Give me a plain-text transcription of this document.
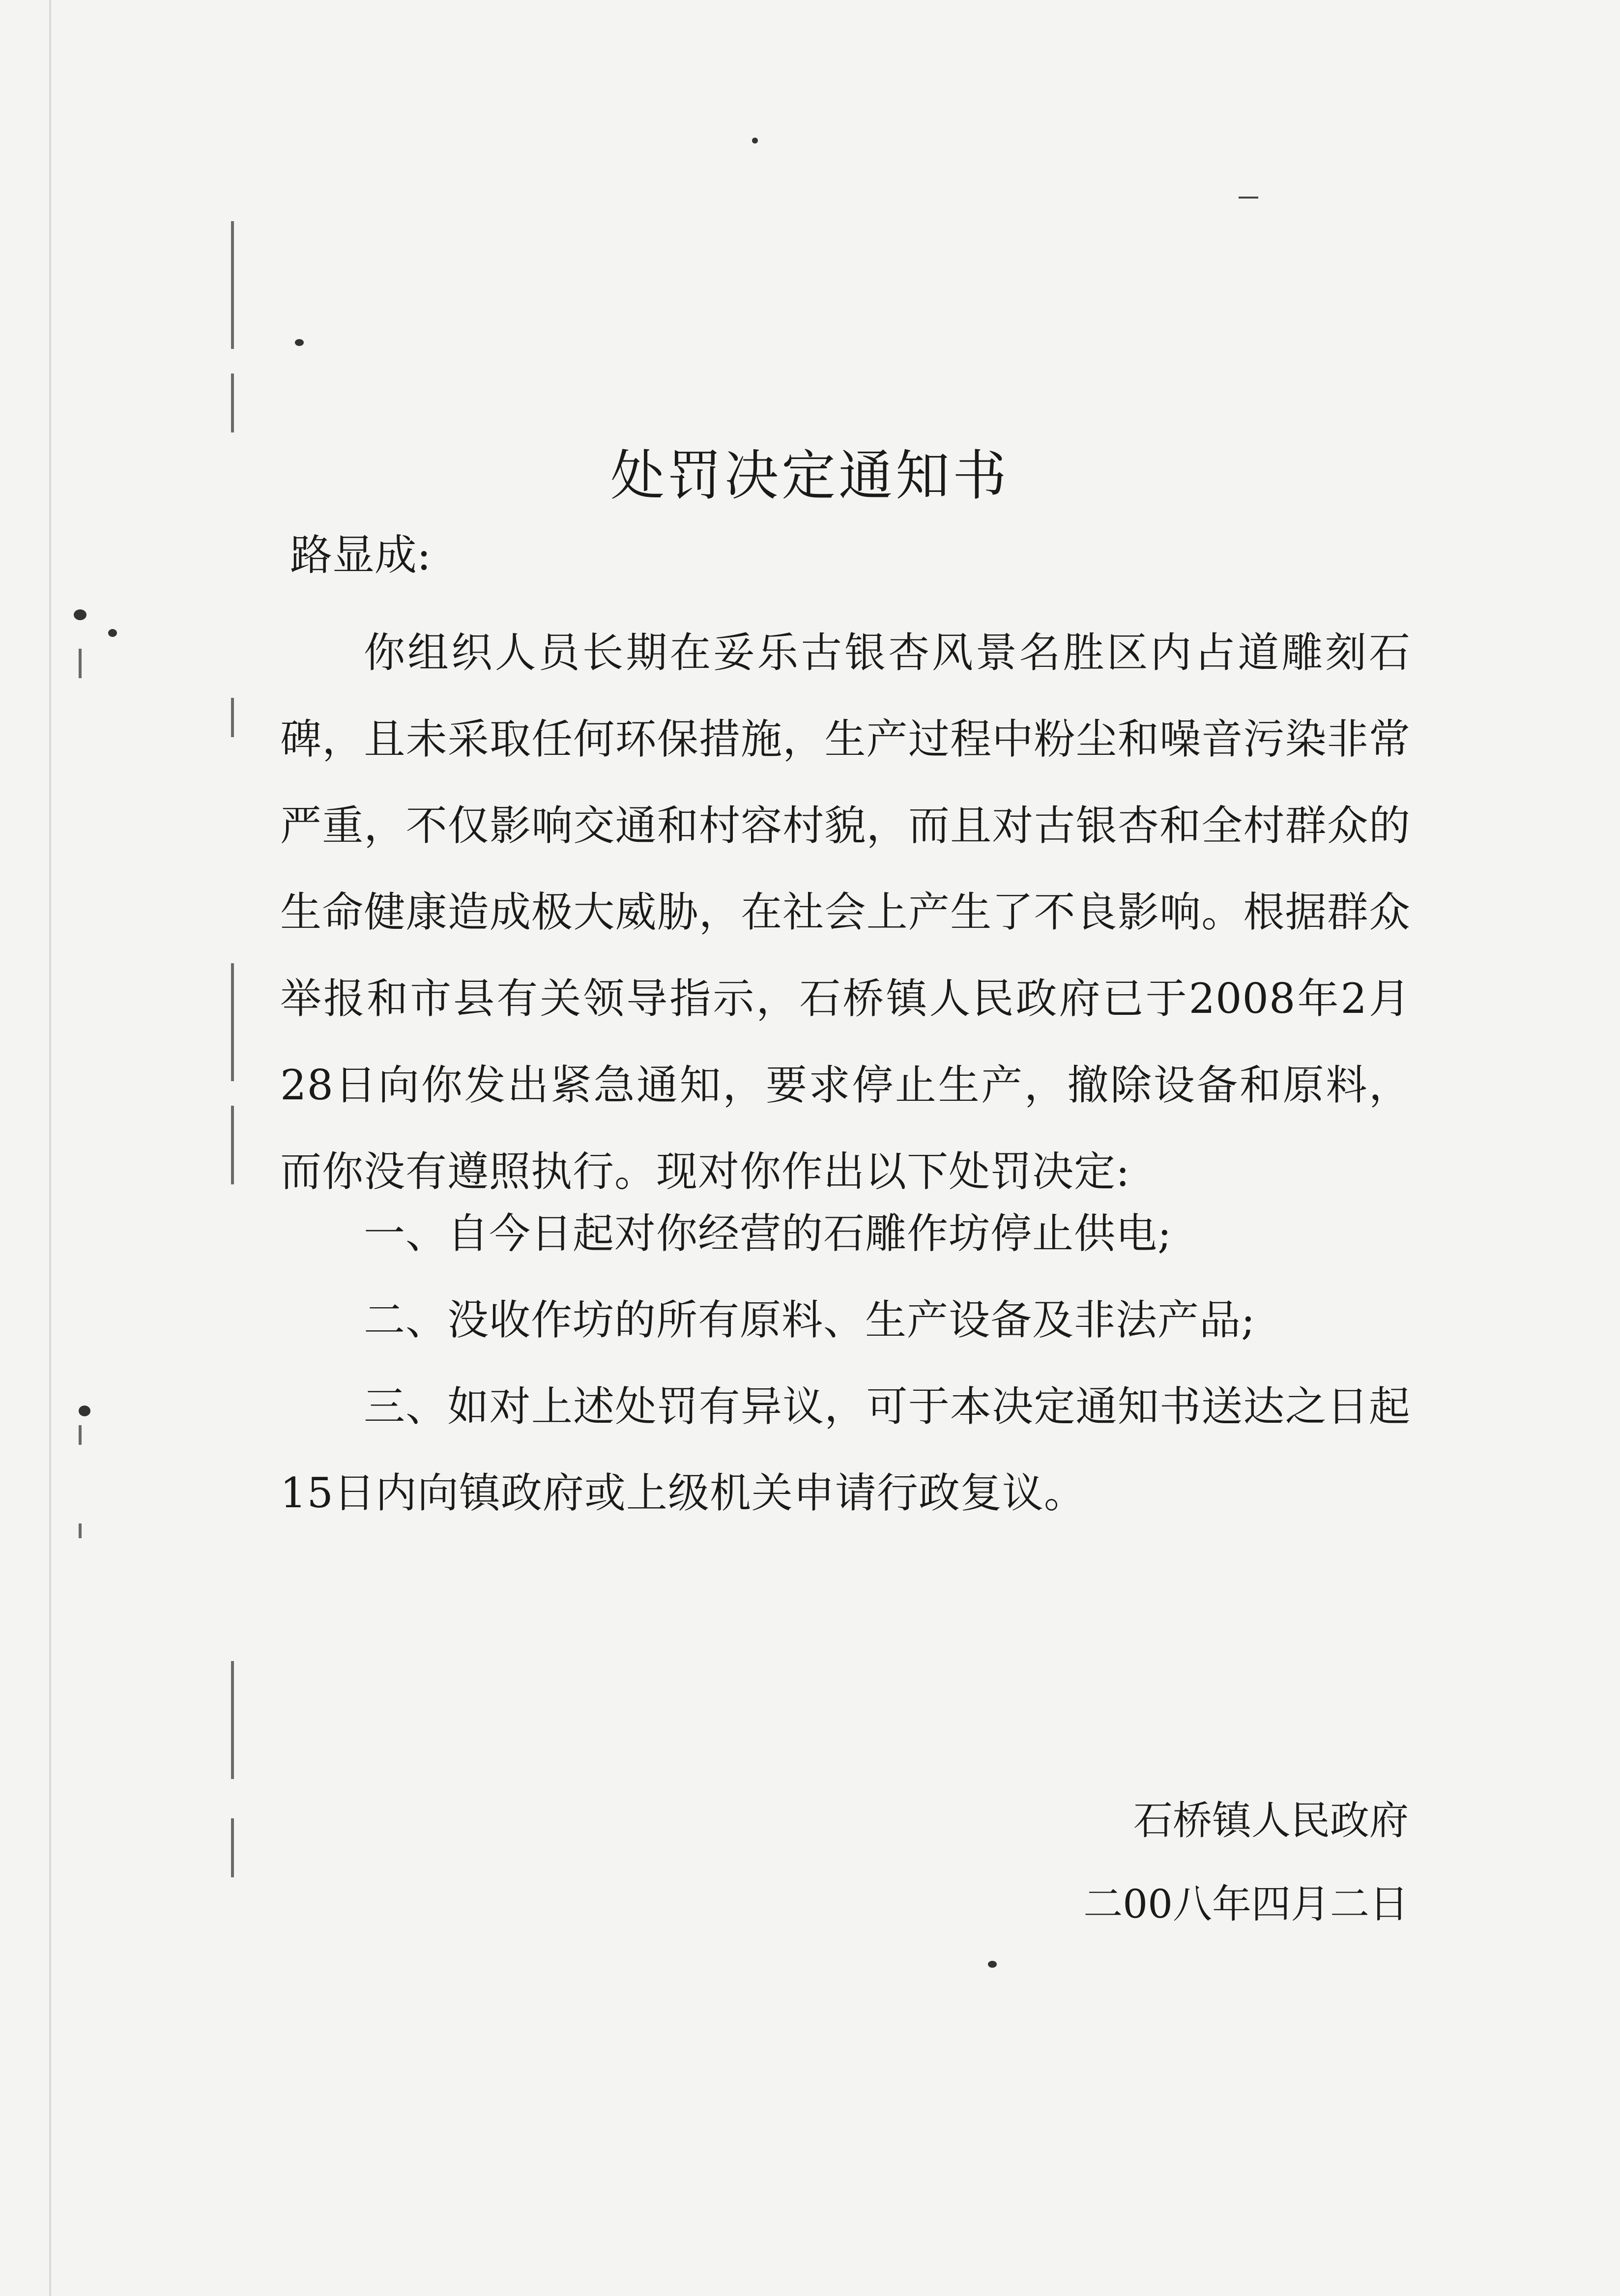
处罚决定通知书
路显成:
你组织人员长期在妥乐古银杏风景名胜区内占道雕刻石碑，且未采取任何环保措施，生产过程中粉尘和噪音污染非常严重，不仅影响交通和村容村貌，而且对古银杏和全村群众的生命健康造成极大威胁，在社会上产生了不良影响。根据群众举报和市县有关领导指示，石桥镇人民政府已于2008年2月28日向你发出紧急通知，要求停止生产，撤除设备和原料，而你没有遵照执行。现对你作出以下处罚决定:
一、自今日起对你经营的石雕作坊停止供电;
二、没收作坊的所有原料、生产设备及非法产品;
三、如对上述处罚有异议，可于本决定通知书送达之日起15日内向镇政府或上级机关申请行政复议。
石桥镇人民政府
二00八年四月二日
